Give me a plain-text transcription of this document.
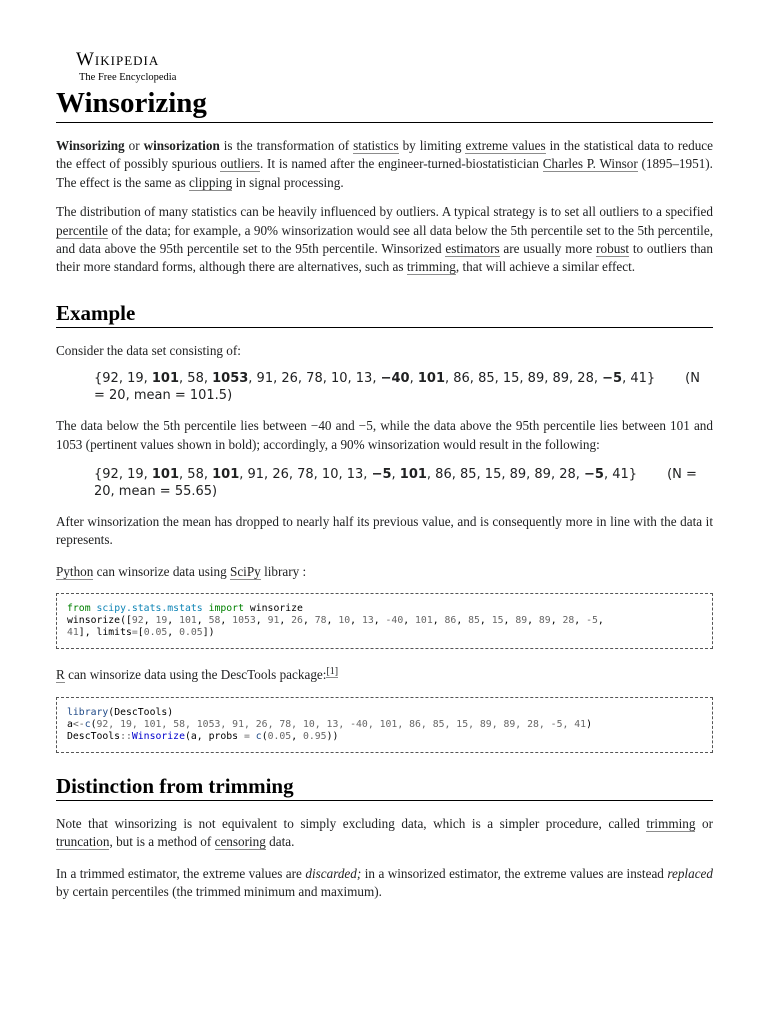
Wikipedia
The Free Encyclopedia
Winsorizing

Winsorizing or winsorization is the transformation of statistics by limiting extreme values in the statistical data to reduce the effect of possibly spurious outliers. It is named after the engineer-turned-biostatistician Charles P. Winsor (1895–1951). The effect is the same as clipping in signal processing.

The distribution of many statistics can be heavily influenced by outliers. A typical strategy is to set all outliers to a specified percentile of the data; for example, a 90% winsorization would see all data below the 5th percentile set to the 5th percentile, and data above the 95th percentile set to the 95th percentile. Winsorized estimators are usually more robust to outliers than their more standard forms, although there are alternatives, such as trimming, that will achieve a similar effect.

Example

Consider the data set consisting of:

{92, 19, 101, 58, 1053, 91, 26, 78, 10, 13, −40, 101, 86, 85, 15, 89, 89, 28, −5, 41} (N = 20, mean = 101.5)

The data below the 5th percentile lies between −40 and −5, while the data above the 95th percentile lies between 101 and 1053 (pertinent values shown in bold); accordingly, a 90% winsorization would result in the following:

{92, 19, 101, 58, 101, 91, 26, 78, 10, 13, −5, 101, 86, 85, 15, 89, 89, 28, −5, 41} (N = 20, mean = 55.65)

After winsorization the mean has dropped to nearly half its previous value, and is consequently more in line with the data it represents.

Python can winsorize data using SciPy library :

from scipy.stats.mstats import winsorize
winsorize([92, 19, 101, 58, 1053, 91, 26, 78, 10, 13, -40, 101, 86, 85, 15, 89, 89, 28, -5,
41], limits=[0.05, 0.05])

R can winsorize data using the DescTools package:[1]

library(DescTools)
a<-c(92, 19, 101, 58, 1053, 91, 26, 78, 10, 13, -40, 101, 86, 85, 15, 89, 89, 28, -5, 41)
DescTools::Winsorize(a, probs = c(0.05, 0.95))
Distinction from trimming

Note that winsorizing is not equivalent to simply excluding data, which is a simpler procedure, called trimming or truncation, but is a method of censoring data.

In a trimmed estimator, the extreme values are discarded; in a winsorized estimator, the extreme values are instead replaced by certain percentiles (the trimmed minimum and maximum).
